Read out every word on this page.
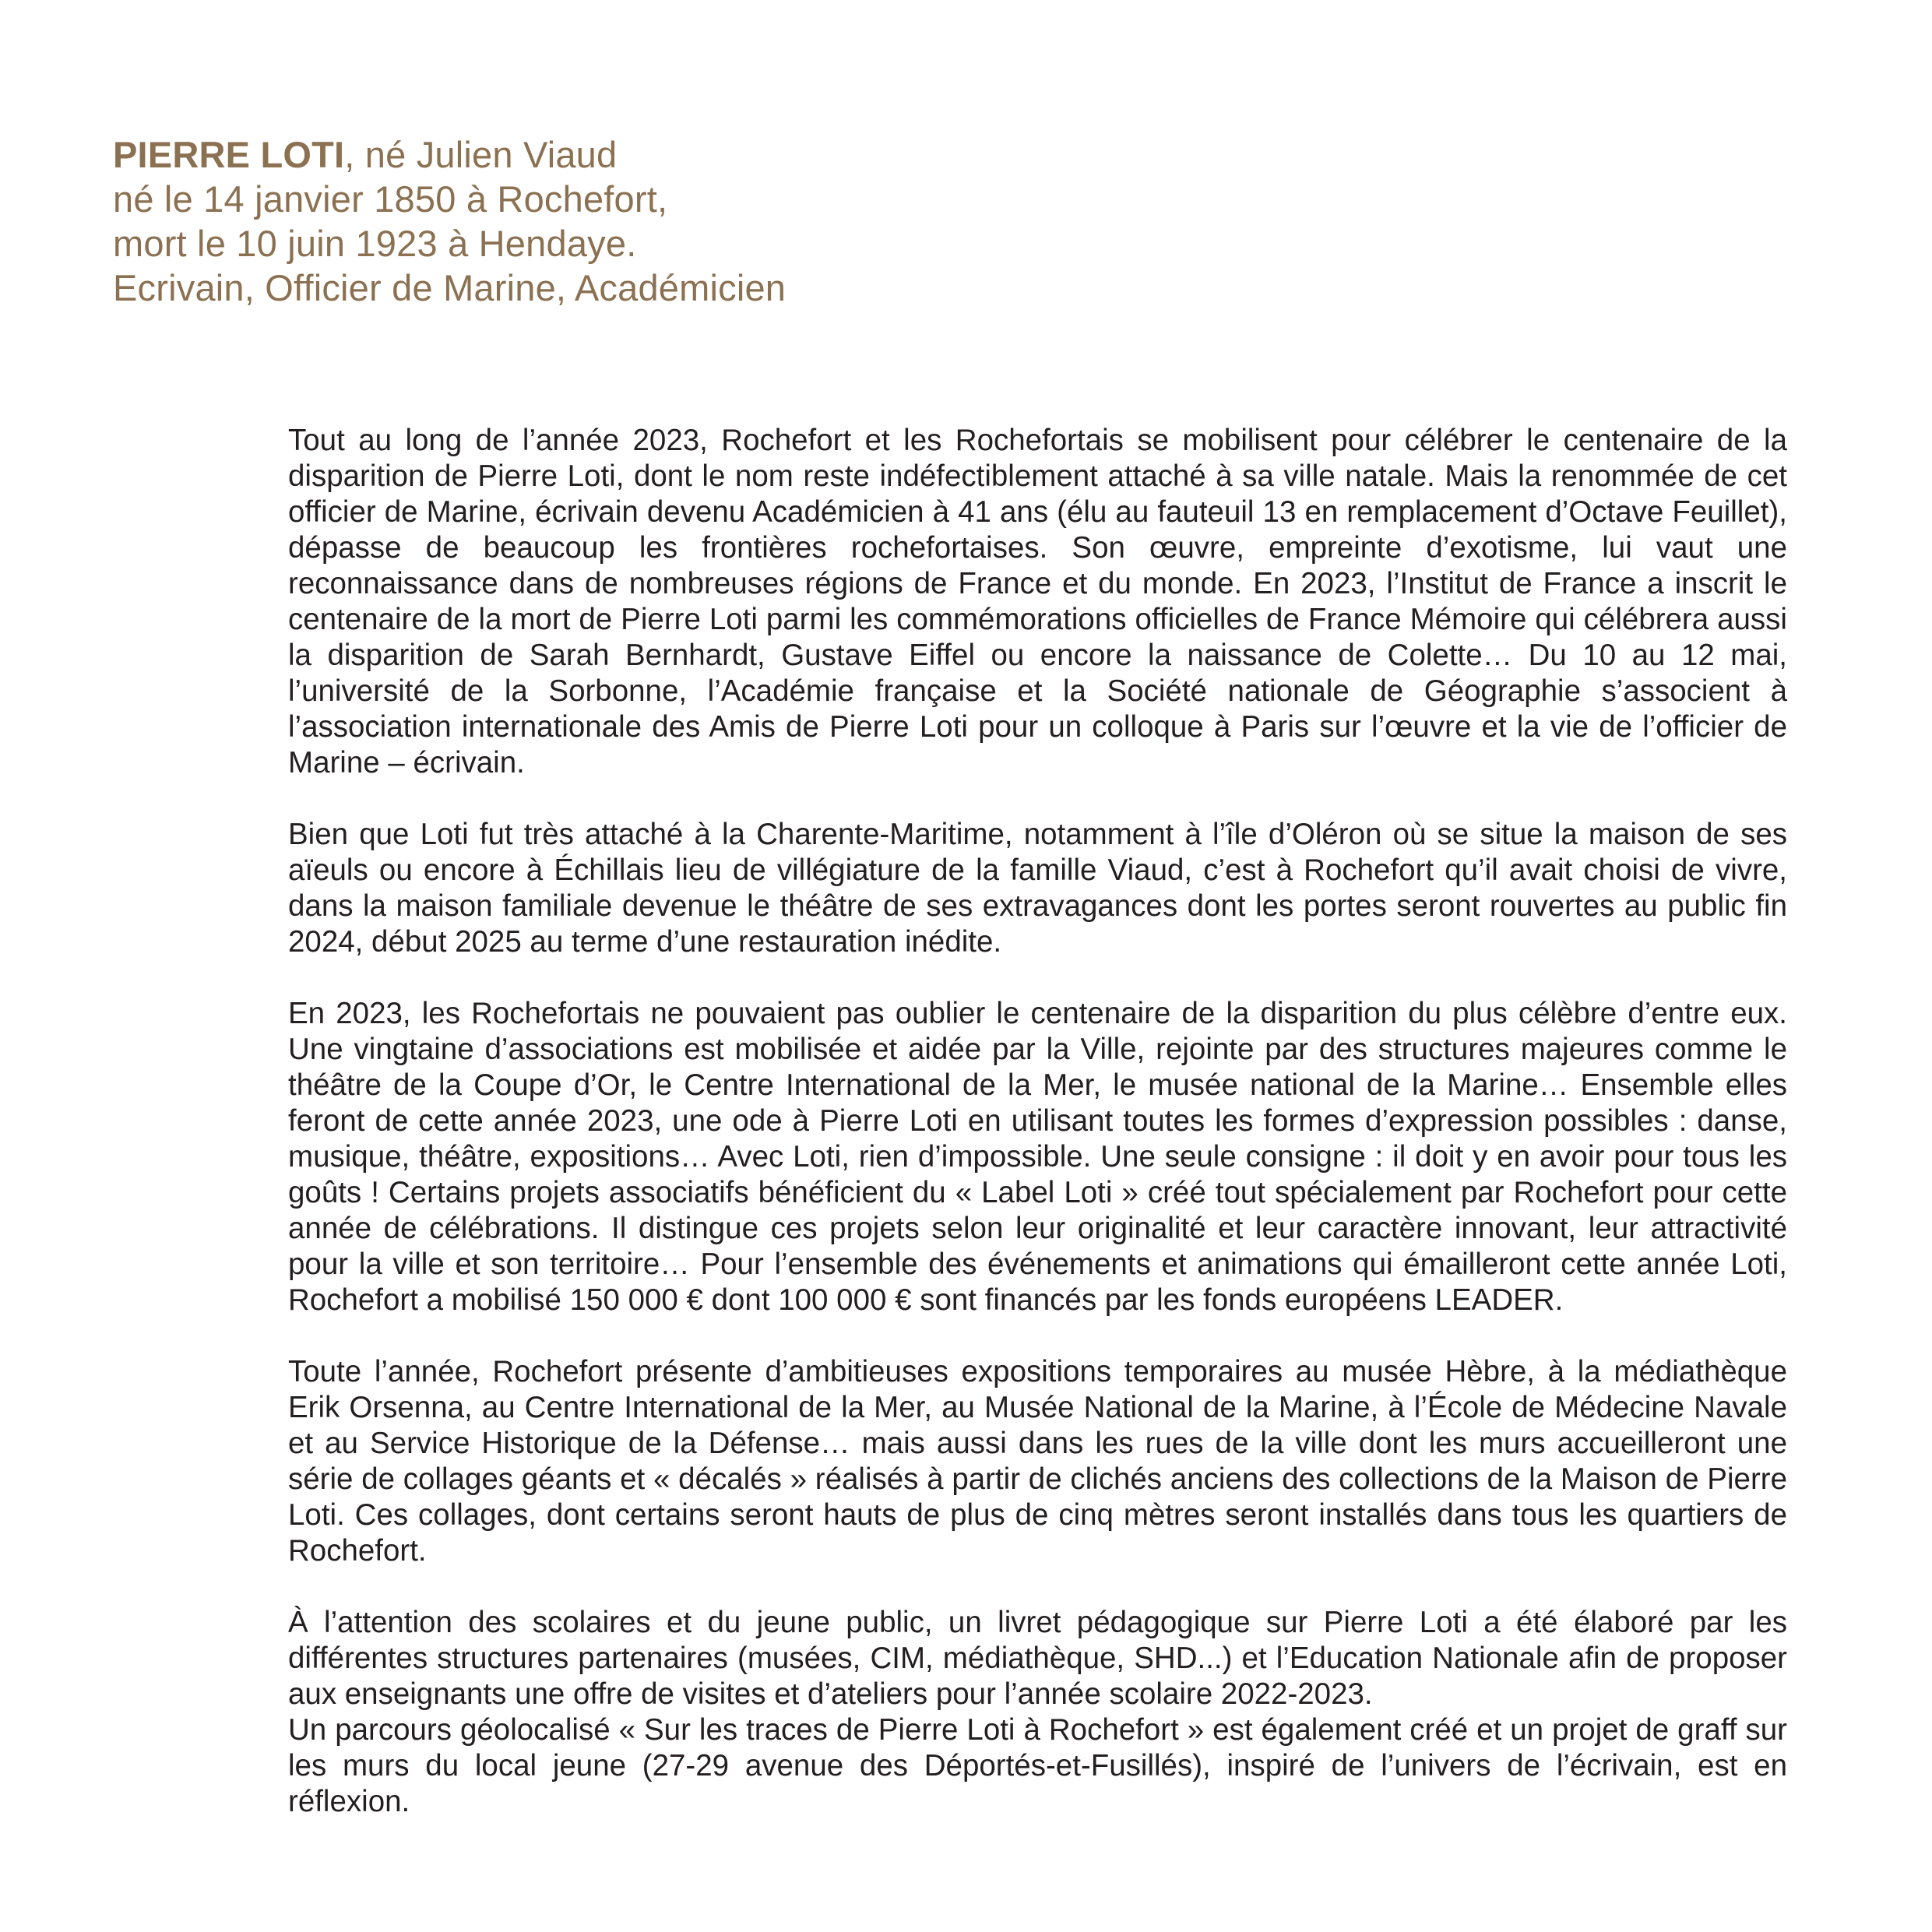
PIERRE LOTI, né Julien Viaud
né le 14 janvier 1850 à Rochefort,
mort le 10 juin 1923 à Hendaye.
Ecrivain, Officier de Marine, Académicien

Tout au long de l’année 2023, Rochefort et les Rochefortais se mobilisent pour célébrer le centenaire de la disparition de Pierre Loti, dont le nom reste indéfectiblement attaché à sa ville natale. Mais la renommée de cet officier de Marine, écrivain devenu Académicien à 41 ans (élu au fauteuil 13 en remplacement d’Octave Feuillet), dépasse de beaucoup les frontières rochefortaises. Son œuvre, empreinte d’exotisme, lui vaut une reconnaissance dans de nombreuses régions de France et du monde. En 2023, l’Institut de France a inscrit le centenaire de la mort de Pierre Loti parmi les commémorations officielles de France Mémoire qui célébrera aussi la disparition de Sarah Bernhardt, Gustave Eiffel ou encore la naissance de Colette… Du 10 au 12 mai, l’université de la Sorbonne, l’Académie française et la Société nationale de Géographie s’associent à l’association internationale des Amis de Pierre Loti pour un colloque à Paris sur l’œuvre et la vie de l’officier de Marine – écrivain.

Bien que Loti fut très attaché à la Charente-Maritime, notamment à l’île d’Oléron où se situe la maison de ses aïeuls ou encore à Échillais lieu de villégiature de la famille Viaud, c’est à Rochefort qu’il avait choisi de vivre, dans la maison familiale devenue le théâtre de ses extravagances dont les portes seront rouvertes au public fin 2024, début 2025 au terme d’une restauration inédite.

En 2023, les Rochefortais ne pouvaient pas oublier le centenaire de la disparition du plus célèbre d’entre eux. Une vingtaine d’associations est mobilisée et aidée par la Ville, rejointe par des structures majeures comme le théâtre de la Coupe d’Or, le Centre International de la Mer, le musée national de la Marine… Ensemble elles feront de cette année 2023, une ode à Pierre Loti en utilisant toutes les formes d’expression possibles : danse, musique, théâtre, expositions… Avec Loti, rien d’impossible. Une seule consigne : il doit y en avoir pour tous les goûts ! Certains projets associatifs bénéficient du « Label Loti » créé tout spécialement par Rochefort pour cette année de célébrations. Il distingue ces projets selon leur originalité et leur caractère innovant, leur attractivité pour la ville et son territoire… Pour l’ensemble des événements et animations qui émailleront cette année Loti, Rochefort a mobilisé 150 000 € dont 100 000 € sont financés par les fonds européens LEADER.

Toute l’année, Rochefort présente d’ambitieuses expositions temporaires au musée Hèbre, à la médiathèque Erik Orsenna, au Centre International de la Mer, au Musée National de la Marine, à l’École de Médecine Navale et au Service Historique de la Défense… mais aussi dans les rues de la ville dont les murs accueilleront une série de collages géants et « décalés » réalisés à partir de clichés anciens des collections de la Maison de Pierre Loti. Ces collages, dont certains seront hauts de plus de cinq mètres seront installés dans tous les quartiers de Rochefort.

À l’attention des scolaires et du jeune public, un livret pédagogique sur Pierre Loti a été élaboré par les différentes structures partenaires (musées, CIM, médiathèque, SHD...) et l’Education Nationale afin de proposer aux enseignants une offre de visites et d’ateliers pour l’année scolaire 2022-2023.

Un parcours géolocalisé « Sur les traces de Pierre Loti à Rochefort » est également créé et un projet de graff sur les murs du local jeune (27-29 avenue des Déportés-et-Fusillés), inspiré de l’univers de l’écrivain, est en réflexion.
